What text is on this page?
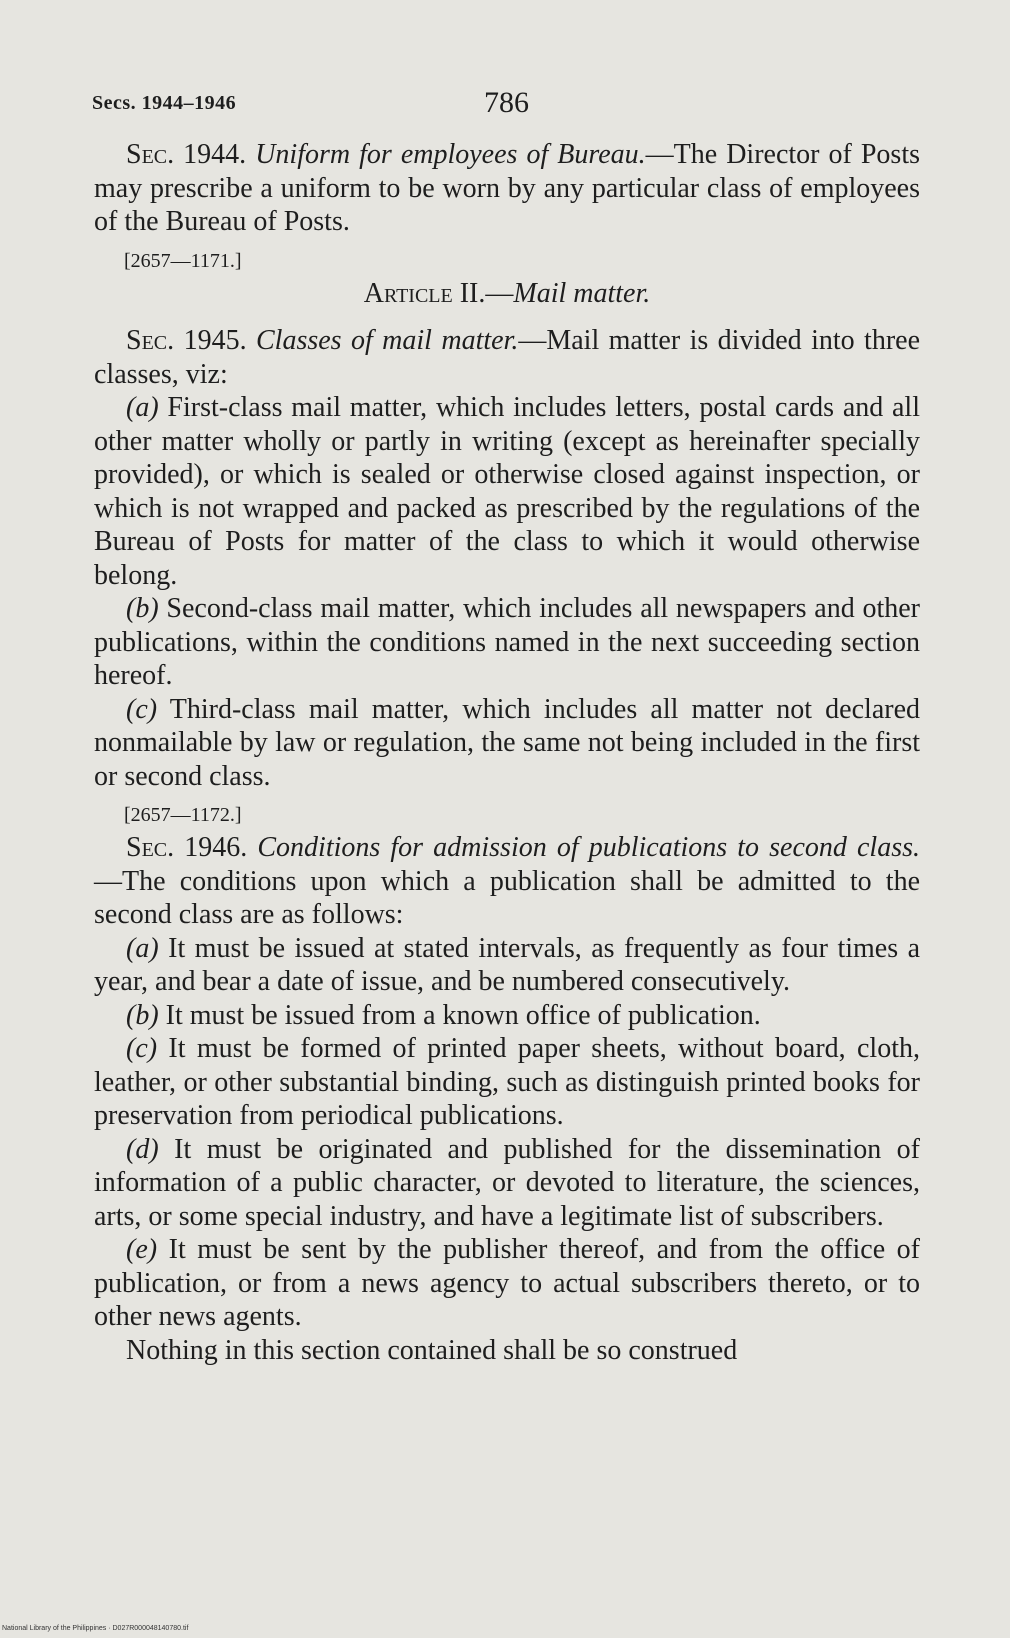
Secs. 1944–1946	786

Sec. 1944. Uniform for employees of Bureau.—The Director of Posts may prescribe a uniform to be worn by any particular class of employees of the Bureau of Posts.

[2657—1171.]

Article II.—Mail matter.

Sec. 1945. Classes of mail matter.—Mail matter is divided into three classes, viz:

(a) First-class mail matter, which includes letters, postal cards and all other matter wholly or partly in writing (except as hereinafter specially provided), or which is sealed or otherwise closed against inspection, or which is not wrapped and packed as prescribed by the regulations of the Bureau of Posts for matter of the class to which it would otherwise belong.

(b) Second-class mail matter, which includes all newspapers and other publications, within the conditions named in the next succeeding section hereof.

(c) Third-class mail matter, which includes all matter not declared nonmailable by law or regulation, the same not being included in the first or second class.

[2657—1172.]

Sec. 1946. Conditions for admission of publications to second class.—The conditions upon which a publication shall be admitted to the second class are as follows:

(a) It must be issued at stated intervals, as frequently as four times a year, and bear a date of issue, and be numbered consecutively.

(b) It must be issued from a known office of publication.

(c) It must be formed of printed paper sheets, without board, cloth, leather, or other substantial binding, such as distinguish printed books for preservation from periodical publications.

(d) It must be originated and published for the dissemination of information of a public character, or devoted to literature, the sciences, arts, or some special industry, and have a legitimate list of subscribers.

(e) It must be sent by the publisher thereof, and from the office of publication, or from a news agency to actual subscribers thereto, or to other news agents.

Nothing in this section contained shall be so construed

National Library of the Philippines · D027R000048140780.tif
